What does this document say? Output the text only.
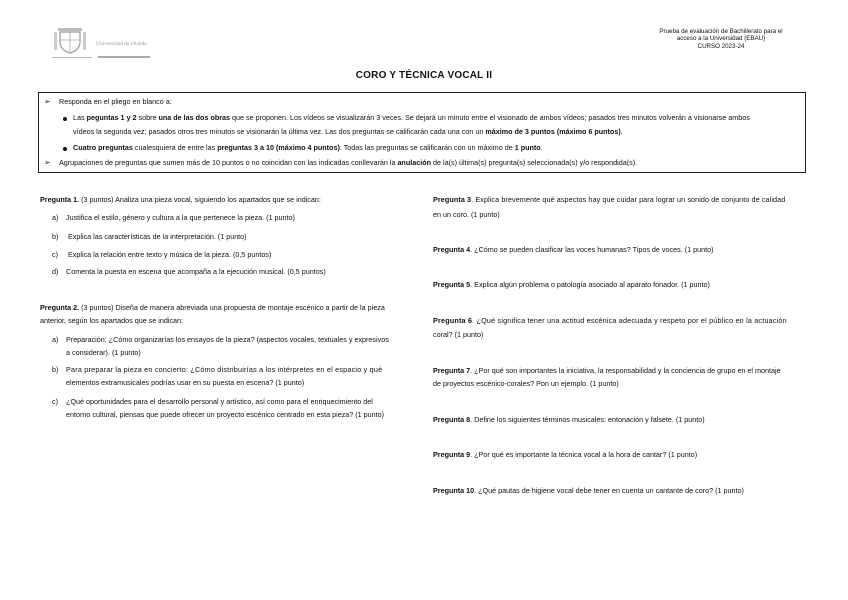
Universidad de Oviedo
Prueba de evaluación de Bachillerato para el
acceso a la Universidad (EBAU)
CURSO 2023-24
CORO Y TÉCNICA VOCAL II
➢ Responda en el pliego en blanco a:
Las peguntas 1 y 2 sobre una de las dos obras que se proponen. Los vídeos se visualizarán 3 veces. Se dejará un minuto entre el visionado de ambos vídeos; pasados tres minutos volverán a visionarse ambos
vídeos la segunda vez; pasados otros tres minutos se visionarán la última vez. Las dos preguntas se calificarán cada una con un máximo de 3 puntos (máximo 6 puntos).
Cuatro preguntas cualesquiera de entre las preguntas 3 a 10 (máximo 4 puntos). Todas las preguntas se calificarán con un máximo de 1 punto.
➢ Agrupaciones de preguntas que sumen más de 10 puntos o no coincidan con las indicadas conllevarán la anulación de la(s) última(s) pregunta(s) seleccionada(s) y/o respondida(s).
Pregunta 1. (3 puntos) Analiza una pieza vocal, siguiendo los apartados que se indican:
a) Justifica el estilo, género y cultura a la que pertenece la pieza. (1 punto)
b) Explica las características de la interpretación. (1 punto)
c) Explica la relación entre texto y música de la pieza. (0,5 puntos)
d) Comenta la puesta en escena que acompaña a la ejecución musical. (0,5 puntos)
Pregunta 2. (3 puntos) Diseña de manera abreviada una propuesta de montaje escénico a partir de la pieza
anterior, según los apartados que se indican:
a) Preparación: ¿Cómo organizarías los ensayos de la pieza? (aspectos vocales, textuales y expresivos
a considerar). (1 punto)
b) Para preparar la pieza en concierto: ¿Cómo distribuirías a los intérpretes en el espacio y qué
elementos extramusicales podrías usar en su puesta en escena? (1 punto)
c) ¿Qué oportunidades para el desarrollo personal y artístico, así como para el enriquecimiento del
entorno cultural, piensas que puede ofrecer un proyecto escénico centrado en esta pieza? (1 punto)
Pregunta 3. Explica brevemente qué aspectos hay que cuidar para lograr un sonido de conjunto de calidad
en un coro. (1 punto)
Pregunta 4. ¿Cómo se pueden clasificar las voces humanas? Tipos de voces. (1 punto)
Pregunta 5. Explica algún problema o patología asociado al aparato fonador. (1 punto)
Pregunta 6. ¿Qué significa tener una actitud escénica adecuada y respeto por el público en la actuación
coral? (1 punto)
Pregunta 7. ¿Por qué son importantes la iniciativa, la responsabilidad y la conciencia de grupo en el montaje
de proyectos escénico-corales? Pon un ejemplo. (1 punto)
Pregunta 8. Define los siguientes términos musicales: entonación y falsete. (1 punto)
Pregunta 9. ¿Por qué es importante la técnica vocal a la hora de cantar? (1 punto)
Pregunta 10. ¿Qué pautas de higiene vocal debe tener en cuenta un cantante de coro? (1 punto)
